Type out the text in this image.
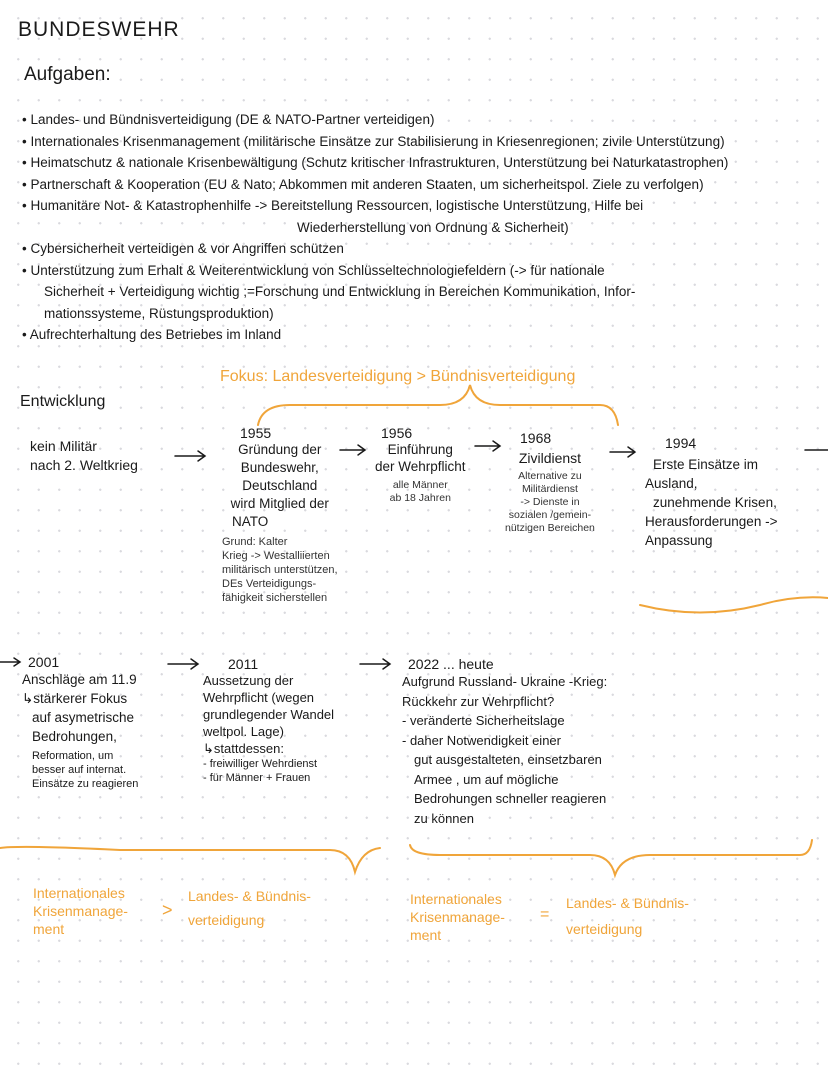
BUNDESWEHR
Aufgaben:
• Landes- und Bündnisverteidigung (DE & NATO-Partner verteidigen)
• Internationales Krisenmanagement (militärische Einsätze zur Stabilisierung in Kriesenregionen; zivile Unterstützung)
• Heimatschutz & nationale Krisenbewältigung (Schutz kritischer Infrastrukturen, Unterstützung bei Naturkatastrophen)
• Partnerschaft & Kooperation (EU & Nato; Abkommen mit anderen Staaten, um sicherheitspol. Ziele zu verfolgen)
• Humanitäre Not- & Katastrophenhilfe -> Bereitstellung Ressourcen, logistische Unterstützung, Hilfe bei
Wiederherstellung von Ordnung & Sicherheit)
• Cybersicherheit verteidigen & vor Angriffen schützen
• Unterstützung zum Erhalt & Weiterentwicklung von Schlüsseltechnologiefeldern (-> für nationale
Sicherheit + Verteidigung wichtig ;=Forschung und Entwicklung in Bereichen Kommunikation, Infor-
mationssysteme, Rüstungsproduktion)
• Aufrechterhaltung des Betriebes im Inland
Fokus: Landesverteidigung > Bündnisverteidigung
Entwicklung
kein Militär
nach 2. Weltkrieg
1955
Gründung der
Bundeswehr,
Deutschland
wird Mitglied der
NATO
Grund: Kalter
Krieg -> Westalliierten
militärisch unterstützen,
DEs Verteidigungs-
fähigkeit sicherstellen
1956
Einführung
der Wehrpflicht
alle Männer
ab 18 Jahren
1968
Zivildienst
Alternative zu
Militärdienst
-> Dienste in
sozialen /gemein-
nützigen Bereichen
1994
Erste Einsätze im
Ausland,
zunehmende Krisen,
Herausforderungen ->
Anpassung
2001
Anschläge am 11.9
↳stärkerer Fokus
auf asymetrische
Bedrohungen,
Reformation, um
besser auf internat.
Einsätze zu reagieren
2011
Aussetzung der
Wehrpflicht (wegen
grundlegender Wandel
weltpol. Lage)
↳stattdessen:
- freiwilliger Wehrdienst
- für Männer + Frauen
2022 ... heute
Aufgrund Russland- Ukraine -Krieg:
Rückkehr zur Wehrpflicht?
- veränderte Sicherheitslage
- daher Notwendigkeit einer
gut ausgestalteten, einsetzbaren
Armee , um auf mögliche
Bedrohungen schneller reagieren
zu können
Internationales
Krisenmanage-
ment
>
Landes- & Bündnis-
verteidigung
Internationales
Krisenmanage-
ment
=
Landes- & Bündnis-
verteidigung
